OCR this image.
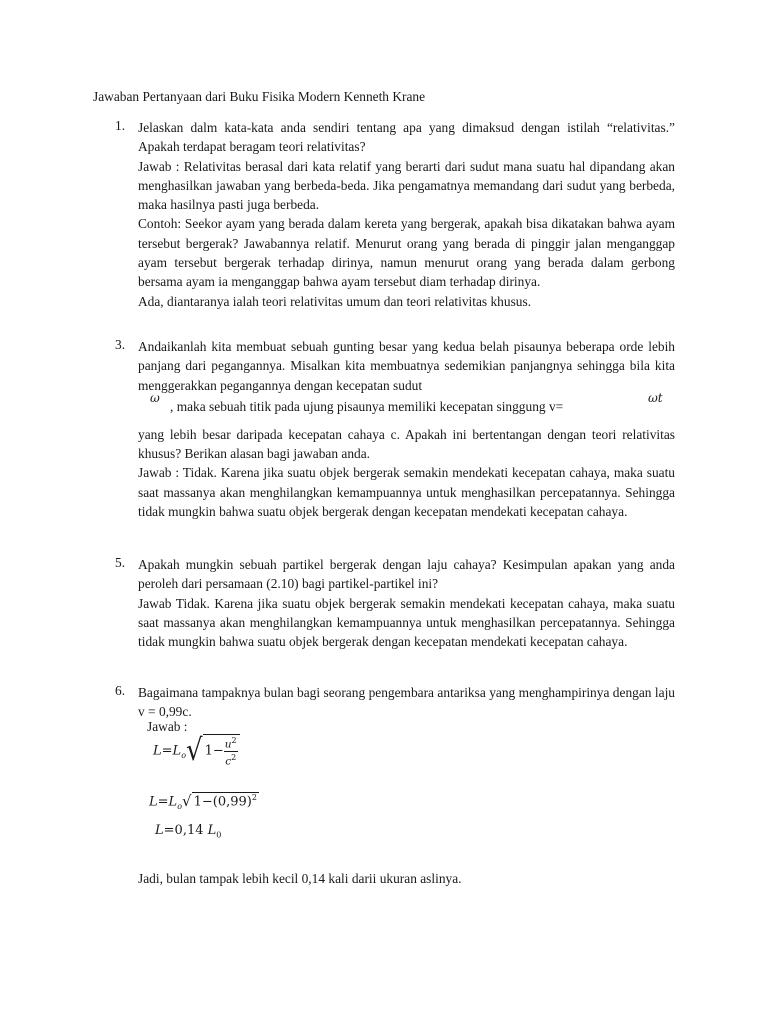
Jawaban Pertanyaan dari Buku Fisika Modern Kenneth Krane
1. Jelaskan dalm kata-kata anda sendiri tentang apa yang dimaksud dengan istilah “relativitas.” Apakah terdapat beragam teori relativitas?

Jawab : Relativitas berasal dari kata relatif yang berarti dari sudut mana suatu hal dipandang akan menghasilkan jawaban yang berbeda-beda. Jika pengamatnya memandang dari sudut yang berbeda, maka hasilnya pasti juga berbeda.

Contoh: Seekor ayam yang berada dalam kereta yang bergerak, apakah bisa dikatakan bahwa ayam tersebut bergerak? Jawabannya relatif. Menurut orang yang berada di pinggir jalan menganggap ayam tersebut bergerak terhadap dirinya, namun menurut orang yang berada dalam gerbong bersama ayam ia menganggap bahwa ayam tersebut diam terhadap dirinya.

Ada, diantaranya ialah teori relativitas umum dan teori relativitas khusus.

3. Andaikanlah kita membuat sebuah gunting besar yang kedua belah pisaunya beberapa orde lebih panjang dari pegangannya. Misalkan kita membuatnya sedemikian panjangnya sehingga bila kita menggerakkan pegangannya dengan kecepatan sudut

ω
, maka sebuah titik pada ujung pisaunya memiliki kecepatan singgung v=
ωt

yang lebih besar daripada kecepatan cahaya c. Apakah ini bertentangan dengan teori relativitas khusus? Berikan alasan bagi jawaban anda.

Jawab : Tidak. Karena jika suatu objek bergerak semakin mendekati kecepatan cahaya, maka suatu saat massanya akan menghilangkan kemampuannya untuk menghasilkan percepatannya. Sehingga tidak mungkin bahwa suatu objek bergerak dengan kecepatan mendekati kecepatan cahaya.

5. Apakah mungkin sebuah partikel bergerak dengan laju cahaya? Kesimpulan apakan yang anda peroleh dari persamaan (2.10) bagi partikel-partikel ini?

Jawab Tidak. Karena jika suatu objek bergerak semakin mendekati kecepatan cahaya, maka suatu saat massanya akan menghilangkan kemampuannya untuk menghasilkan percepatannya. Sehingga tidak mungkin bahwa suatu objek bergerak dengan kecepatan mendekati kecepatan cahaya.

6. Bagaimana tampaknya bulan bagi seorang pengembara antariksa yang menghampirinya dengan laju v = 0,99c.

Jawab :
$L=L_o√$ $1- \frac{u^2}{c^2}$
$L=L_o√$ $1-(0,99)^2$
L=0,14 $L_0$
Jadi, bulan tampak lebih kecil 0,14 kali darii ukuran aslinya.
